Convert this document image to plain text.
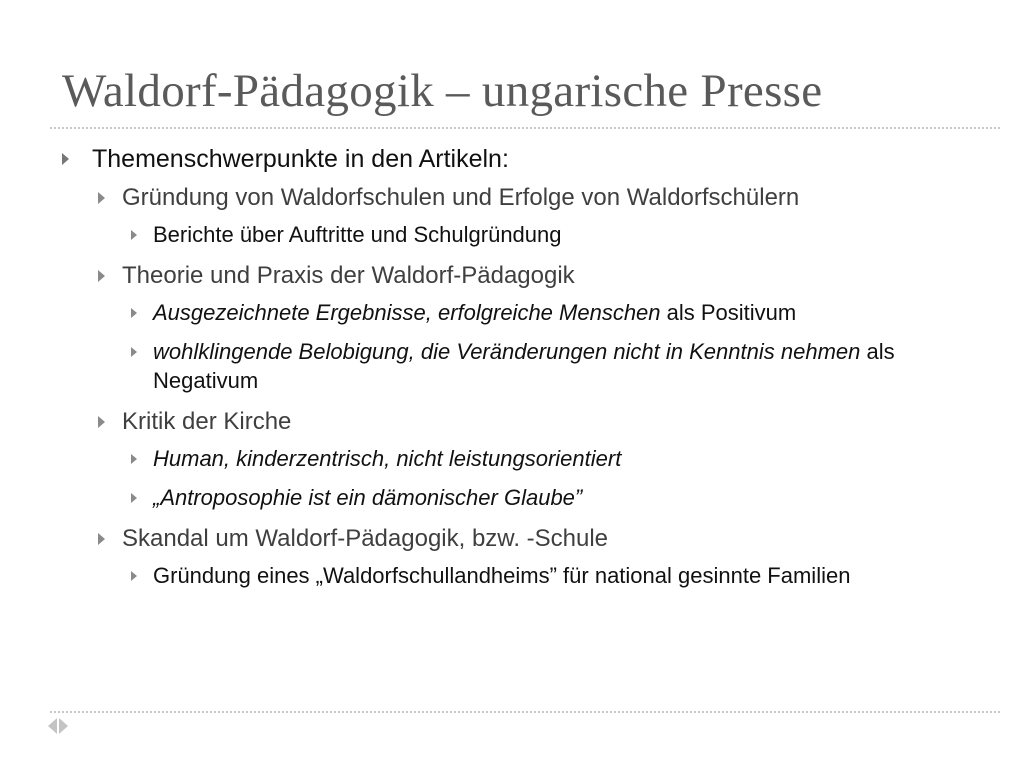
Waldorf-Pädagogik – ungarische Presse
Themenschwerpunkte in den Artikeln:
Gründung von Waldorfschulen und Erfolge von Waldorfschülern
Berichte über Auftritte und Schulgründung
Theorie und Praxis der Waldorf-Pädagogik
Ausgezeichnete Ergebnisse, erfolgreiche Menschen als Positivum
wohlklingende Belobigung, die Veränderungen nicht in Kenntnis nehmen als Negativum
Kritik der Kirche
Human, kinderzentrisch, nicht leistungsorientiert
„Antroposophie ist ein dämonischer Glaube”
Skandal um Waldorf-Pädagogik, bzw. -Schule
Gründung eines „Waldorfschullandheims” für national gesinnte Familien
